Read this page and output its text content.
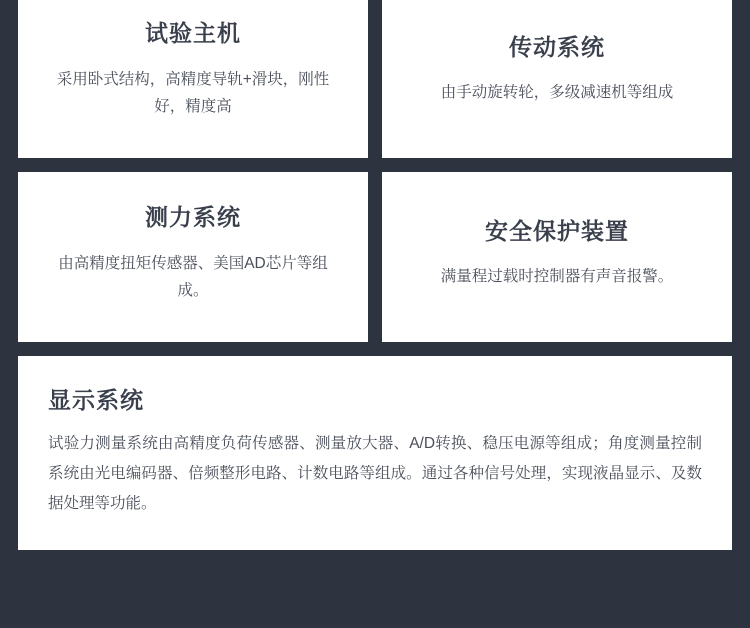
试验主机

采用卧式结构，高精度导轨+滑块，刚性好，精度高

传动系统

由手动旋转轮，多级减速机等组成

测力系统

由高精度扭矩传感器、美国AD芯片等组成。

安全保护装置

满量程过载时控制器有声音报警。

显示系统

试验力测量系统由高精度负荷传感器、测量放大器、A/D转换、稳压电源等组成；角度测量控制系统由光电编码器、倍频整形电路、计数电路等组成。通过各种信号处理，实现液晶显示、及数据处理等功能。
